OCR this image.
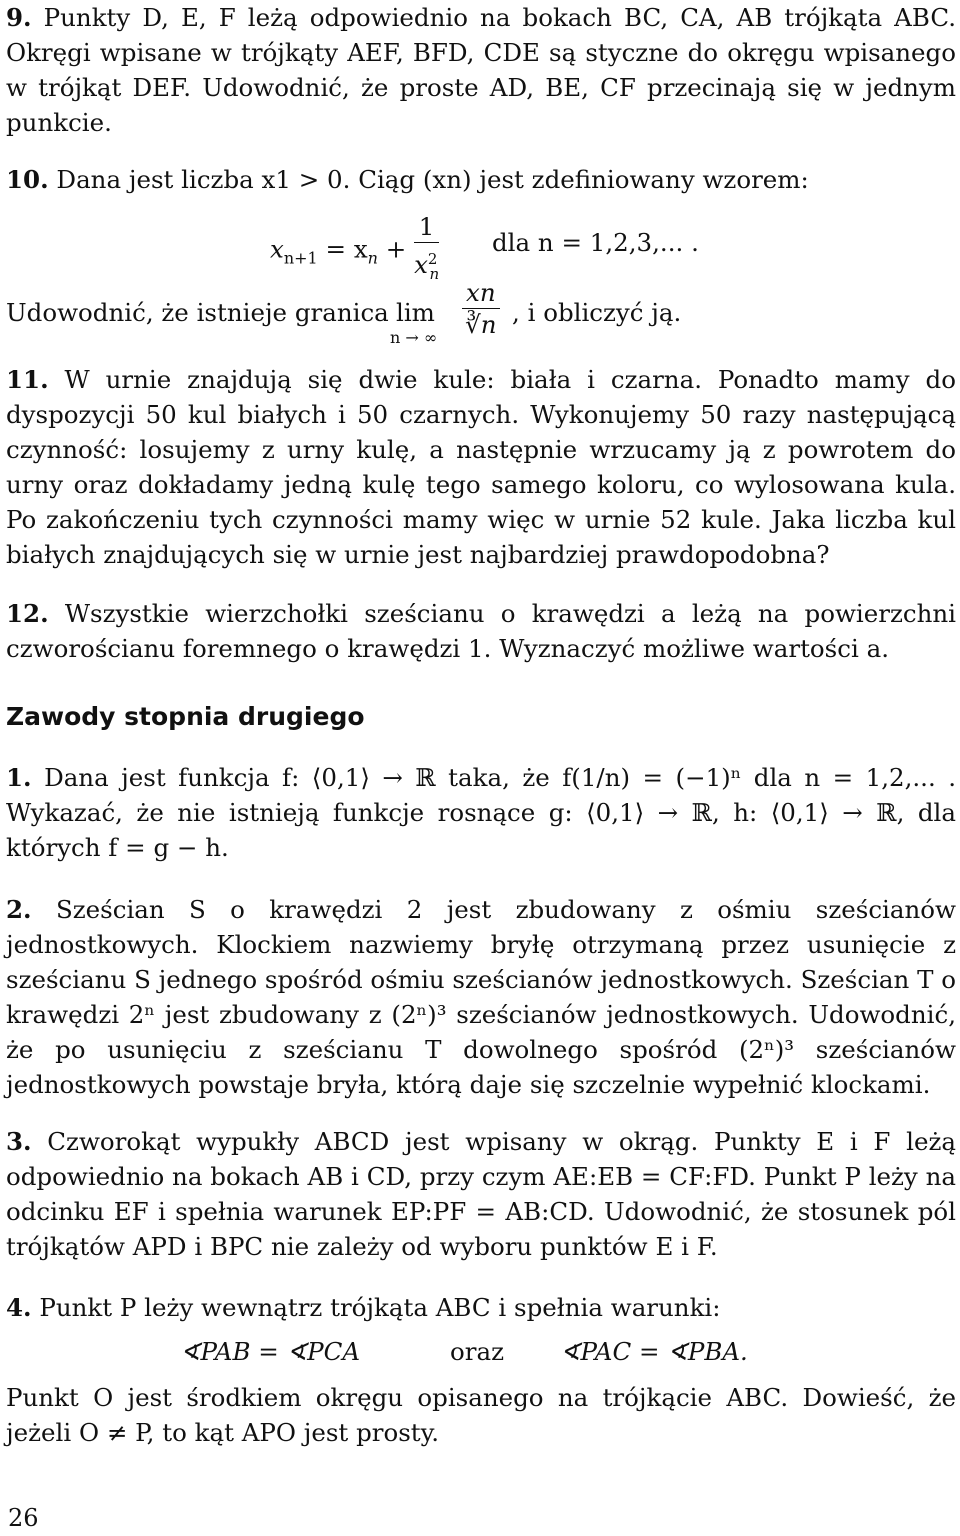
9. Punkty D, E, F leżą odpowiednio na bokach BC, CA, AB trójkąta ABC. Okręgi wpisane w trójkąty AEF, BFD, CDE są styczne do okręgu wpisanego w trójkąt DEF. Udowodnić, że proste AD, BE, CF przecinają się w jednym punkcie.

10. Dana jest liczba x1 > 0. Ciąg (xn) jest zdefiniowany wzorem:

$x_{n+1} = x_n + \frac{1}{x^2_n}$ dla n = 1,2,3,... .
Udowodnić, że istnieje granica lim
n → ∞ $\frac{xn}{∛n}$ , i obliczyć ją.

11. W urnie znajdują się dwie kule: biała i czarna. Ponadto mamy do dyspozycji 50 kul białych i 50 czarnych. Wykonujemy 50 razy następującą czynność: losujemy z urny kulę, a następnie wrzucamy ją z powrotem do urny oraz dokładamy jedną kulę tego samego koloru, co wylosowana kula. Po zakończeniu tych czynności mamy więc w urnie 52 kule. Jaka liczba kul białych znajdujących się w urnie jest najbardziej prawdopodobna?

12. Wszystkie wierzchołki sześcianu o krawędzi a leżą na powierzchni czworościanu foremnego o krawędzi 1. Wyznaczyć możliwe wartości a.

Zawody stopnia drugiego

1. Dana jest funkcja f: ⟨0,1⟩ → ℝ taka, że f(1/n) = (−1)ⁿ dla n = 1,2,... . Wykazać, że nie istnieją funkcje rosnące g: ⟨0,1⟩ → ℝ, h: ⟨0,1⟩ → ℝ, dla których f = g − h.

2. Sześcian S o krawędzi 2 jest zbudowany z ośmiu sześcianów jednostkowych. Klockiem nazwiemy bryłę otrzymaną przez usunięcie z sześcianu S jednego spośród ośmiu sześcianów jednostkowych. Sześcian T o krawędzi 2ⁿ jest zbudowany z (2ⁿ)³ sześcianów jednostkowych. Udowodnić, że po usunięciu z sześcianu T dowolnego spośród (2ⁿ)³ sześcianów jednostkowych powstaje bryła, którą daje się szczelnie wypełnić klockami.

3. Czworokąt wypukły ABCD jest wpisany w okrąg. Punkty E i F leżą odpowiednio na bokach AB i CD, przy czym AE:EB = CF:FD. Punkt P leży na odcinku EF i spełnia warunek EP:PF = AB:CD. Udowodnić, że stosunek pól trójkątów APD i BPC nie zależy od wyboru punktów E i F.

4. Punkt P leży wewnątrz trójkąta ABC i spełnia warunki:

∢PAB = ∢PCA	oraz ∢PAC = ∢PBA.

Punkt O jest środkiem okręgu opisanego na trójkącie ABC. Dowieść, że jeżeli O ≠ P, to kąt APO jest prosty.

26
